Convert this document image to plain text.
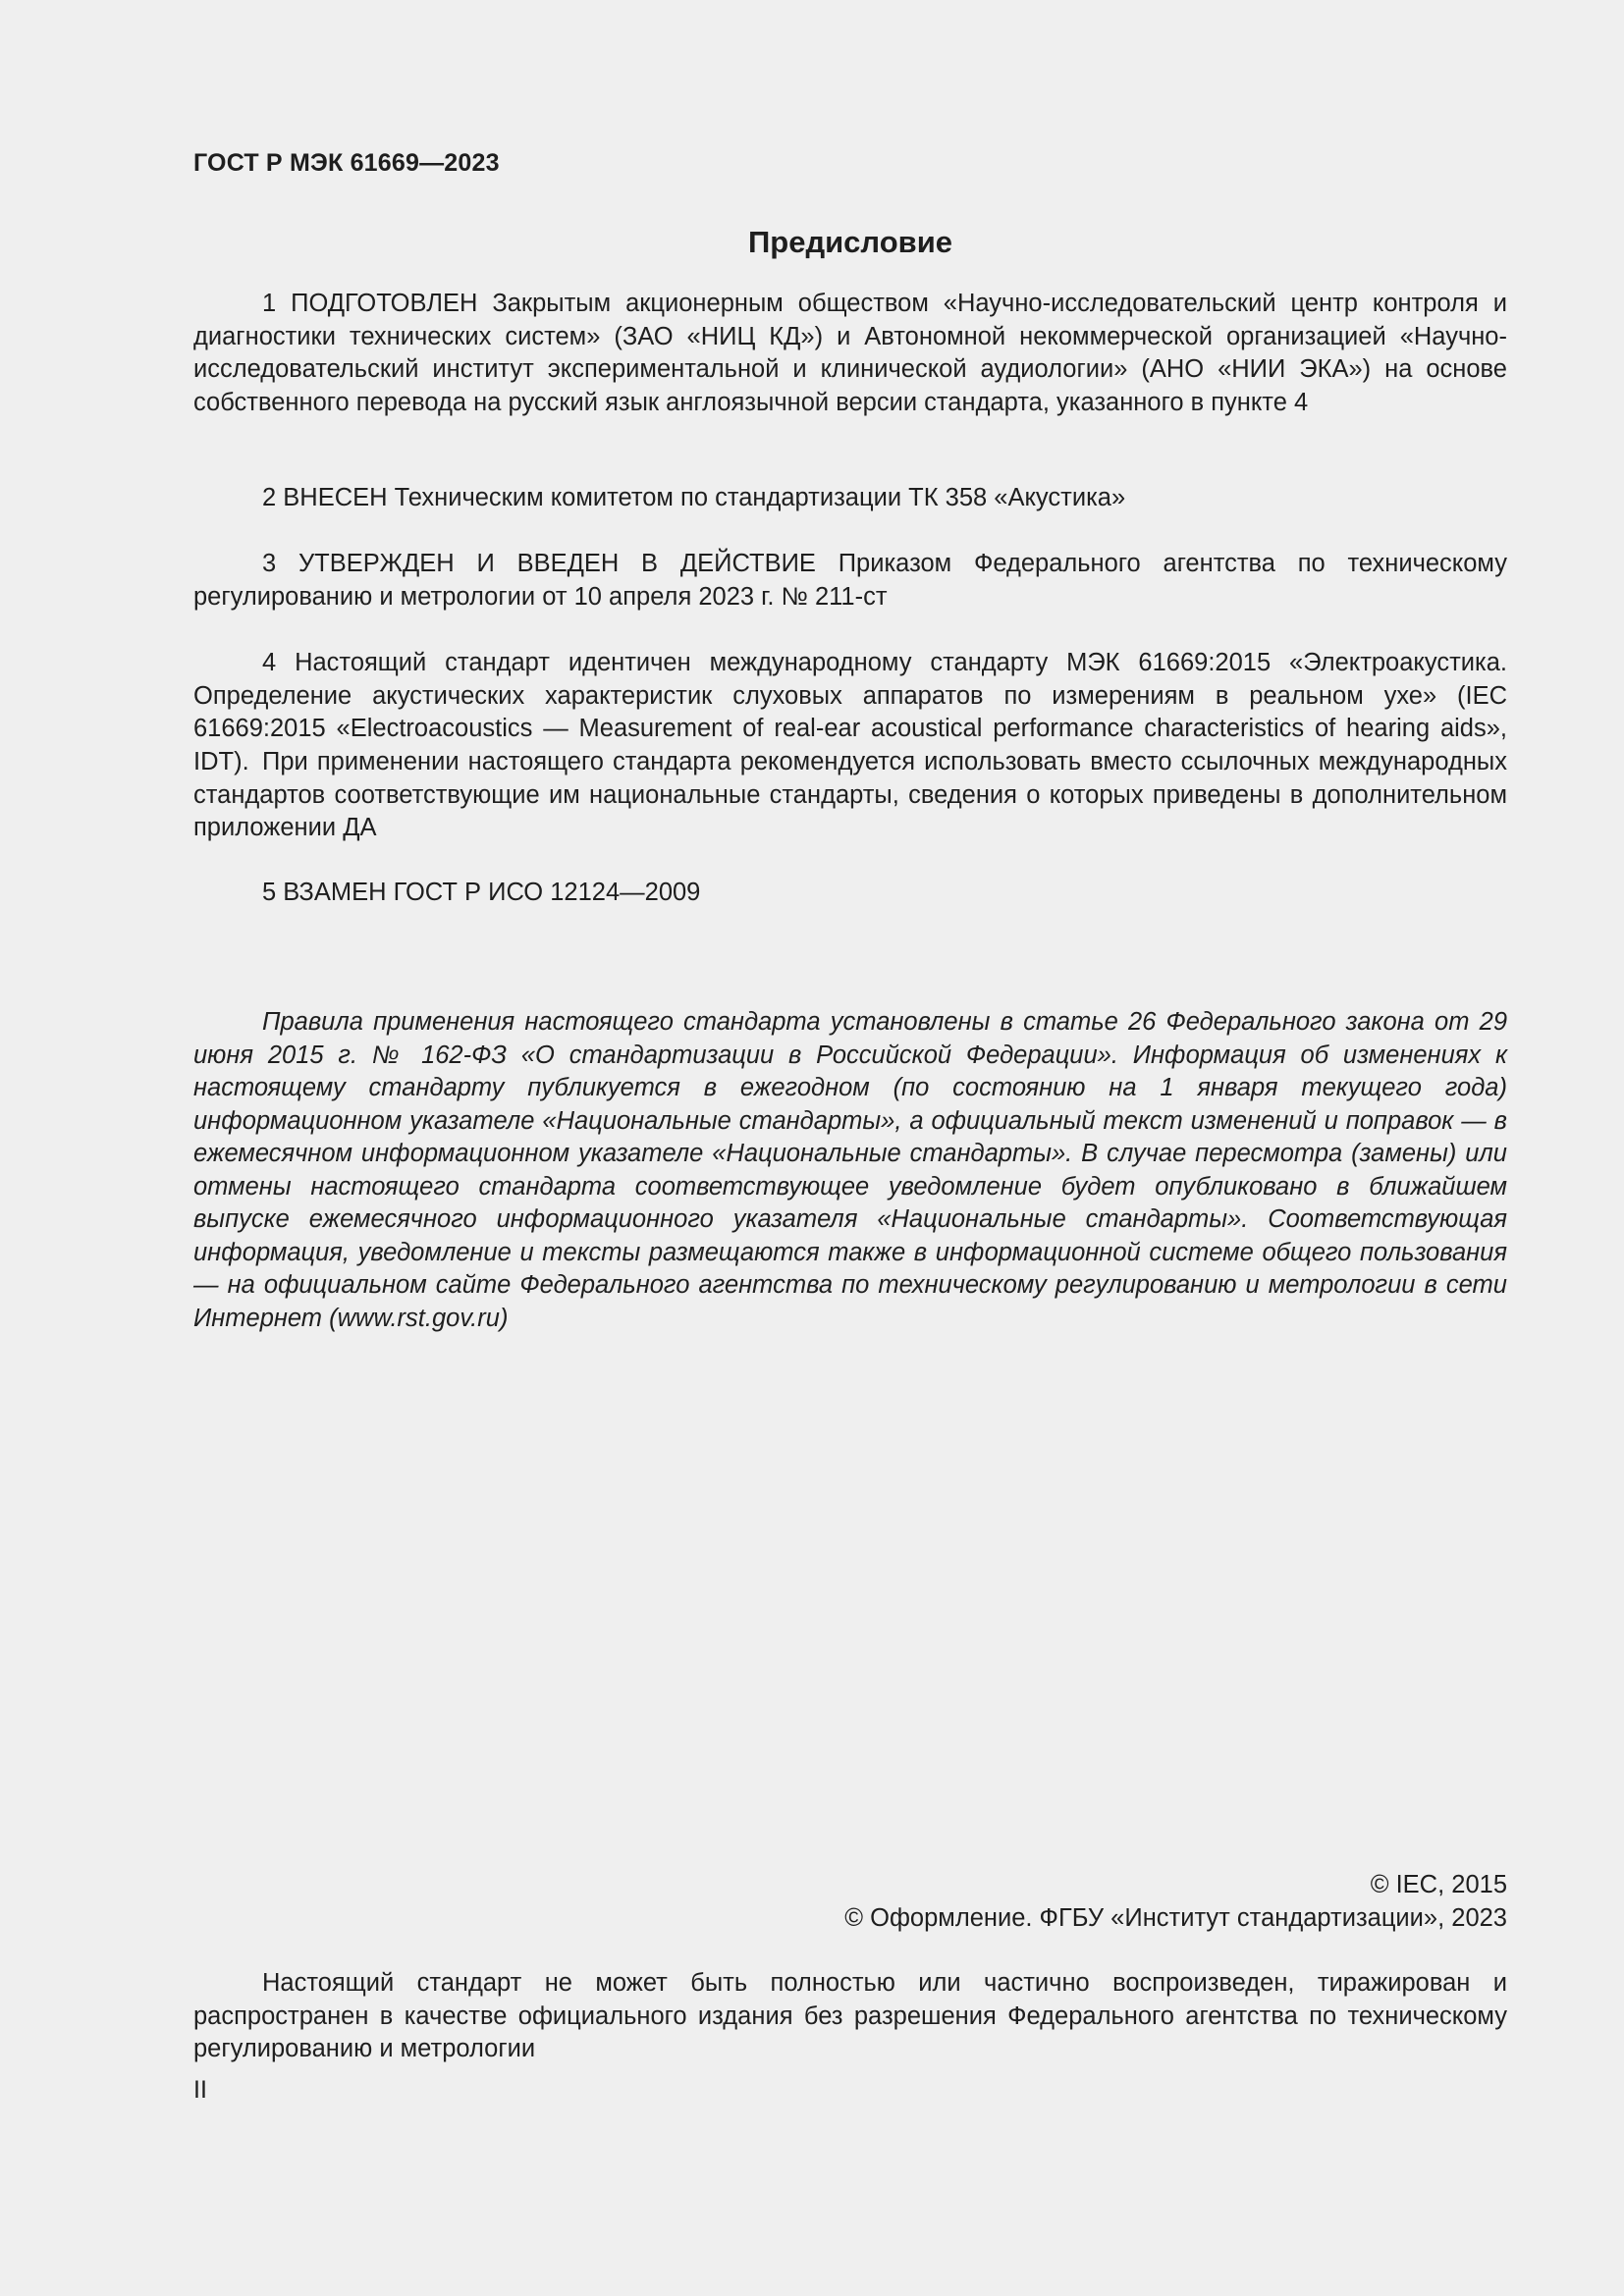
ГОСТ Р МЭК 61669—2023
Предисловие

1 ПОДГОТОВЛЕН Закрытым акционерным обществом «Научно-исследовательский центр контроля и диагностики технических систем» (ЗАО «НИЦ КД») и Автономной некоммерческой организацией «Научно-исследовательский институт экспериментальной и клинической аудиологии» (АНО «НИИ ЭКА») на основе собственного перевода на русский язык англоязычной версии стандарта, указанного в пункте 4

2 ВНЕСЕН Техническим комитетом по стандартизации ТК 358 «Акустика»

3 УТВЕРЖДЕН И ВВЕДЕН В ДЕЙСТВИЕ Приказом Федерального агентства по техническому регулированию и метрологии от 10 апреля 2023 г. № 211-ст

4 Настоящий стандарт идентичен международному стандарту МЭК 61669:2015 «Электроакустика. Определение акустических характеристик слуховых аппаратов по измерениям в реальном ухе» (IEC 61669:2015 «Electroacoustics — Measurement of real-ear acoustical performance characteristics of hearing aids», IDT). При применении настоящего стандарта рекомендуется использовать вместо ссылочных международных стандартов соответствующие им национальные стандарты, сведения о которых приведены в дополнительном приложении ДА

5 ВЗАМЕН ГОСТ Р ИСО 12124—2009

Правила применения настоящего стандарта установлены в статье 26 Федерального закона от 29 июня 2015 г. № 162-ФЗ «О стандартизации в Российской Федерации». Информация об изменениях к настоящему стандарту публикуется в ежегодном (по состоянию на 1 января текущего года) информационном указателе «Национальные стандарты», а официальный текст изменений и поправок — в ежемесячном информационном указателе «Национальные стандарты». В случае пересмотра (замены) или отмены настоящего стандарта соответствующее уведомление будет опубликовано в ближайшем выпуске ежемесячного информационного указателя «Национальные стандарты». Соответствующая информация, уведомление и тексты размещаются также в информационной системе общего пользования — на официальном сайте Федерального агентства по техническому регулированию и метрологии в сети Интернет (www.rst.gov.ru)

© IEC, 2015
© Оформление. ФГБУ «Институт стандартизации», 2023

Настоящий стандарт не может быть полностью или частично воспроизведен, тиражирован и распространен в качестве официального издания без разрешения Федерального агентства по техническому регулированию и метрологии

II
